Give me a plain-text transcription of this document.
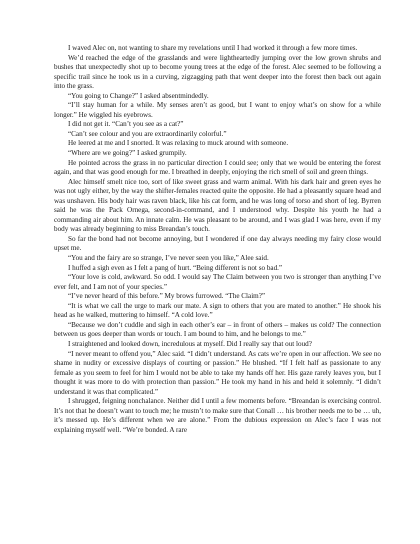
I waved Alec on, not wanting to share my revelations until I had worked it through a few more times.

We’d reached the edge of the grasslands and were lightheartedly jumping over the low grown shrubs and bushes that unexpectedly shot up to become young trees at the edge of the forest. Alec seemed to be following a specific trail since he took us in a curving, zigzagging path that went deeper into the forest then back out again into the grass.

“You going to Change?” I asked absentmindedly.

“I’ll stay human for a while. My senses aren’t as good, but I want to enjoy what’s on show for a while longer.” He wiggled his eyebrows.

I did not get it. “Can’t you see as a cat?”

“Can’t see colour and you are extraordinarily colorful.”

He leered at me and I snorted. It was relaxing to muck around with someone.

“Where are we going?” I asked grumpily.

He pointed across the grass in no particular direction I could see; only that we would be entering the forest again, and that was good enough for me. I breathed in deeply, enjoying the rich smell of soil and green things.

Alec himself smelt nice too, sort of like sweet grass and warm animal. With his dark hair and green eyes he was not ugly either, by the way the shifter-females reacted quite the opposite. He had a pleasantly square head and was unshaven. His body hair was raven black, like his cat form, and he was long of torso and short of leg. Byrren said he was the Pack Ornega, second-in-command, and I understood why. Despite his youth he had a commanding air about him. An innate calm. He was pleasant to be around, and I was glad I was here, even if my body was already beginning to miss Breandan’s touch.

So far the bond had not become annoying, but I wondered if one day always needing my fairy close would upset me.

“You and the fairy are so strange, I’ve never seen you like,” Alee said.

I huffed a sigh even as I felt a pang of hurt. “Being different is not so bad.”

“Your love is cold, awkward. So odd. I would say The Claim between you two is stronger than anything I’ve ever felt, and I am not of your species.”

“I’ve never heard of this before.” My brows furrowed. “The Claim?”

“It is what we call the urge to mark our mate. A sign to others that you are mated to another.” He shook his head as he walked, muttering to himself. “A cold love.”

“Because we don’t cuddle and sigh in each other’s ear – in front of others – makes us cold? The connection between us goes deeper than words or touch. I am bound to him, and he belongs to me.”

I straightened and looked down, incredulous at myself. Did I really say that out loud?

“I never meant to offend you,” Alec said. “I didn’t understand. As cats we’re open in our affection. We see no shame in nudity or excessive displays of courting or passion.” He blushed. “If I felt half as passionate to any female as you seem to feel for him I would not be able to take my hands off her. His gaze rarely leaves you, but I thought it was more to do with protection than passion.” He took my hand in his and held it solemnly. “I didn’t understand it was that complicated.”

I shrugged, feigning nonchalance. Neither did I until a few moments before. “Breandan is exercising control. It’s not that he doesn’t want to touch me; he mustn’t to make sure that Conall … his brother needs me to be … uh, it’s messed up. He’s different when we are alone.” From the dubious expression on Alec’s face I was not explaining myself well. “We’re bonded. A rare
